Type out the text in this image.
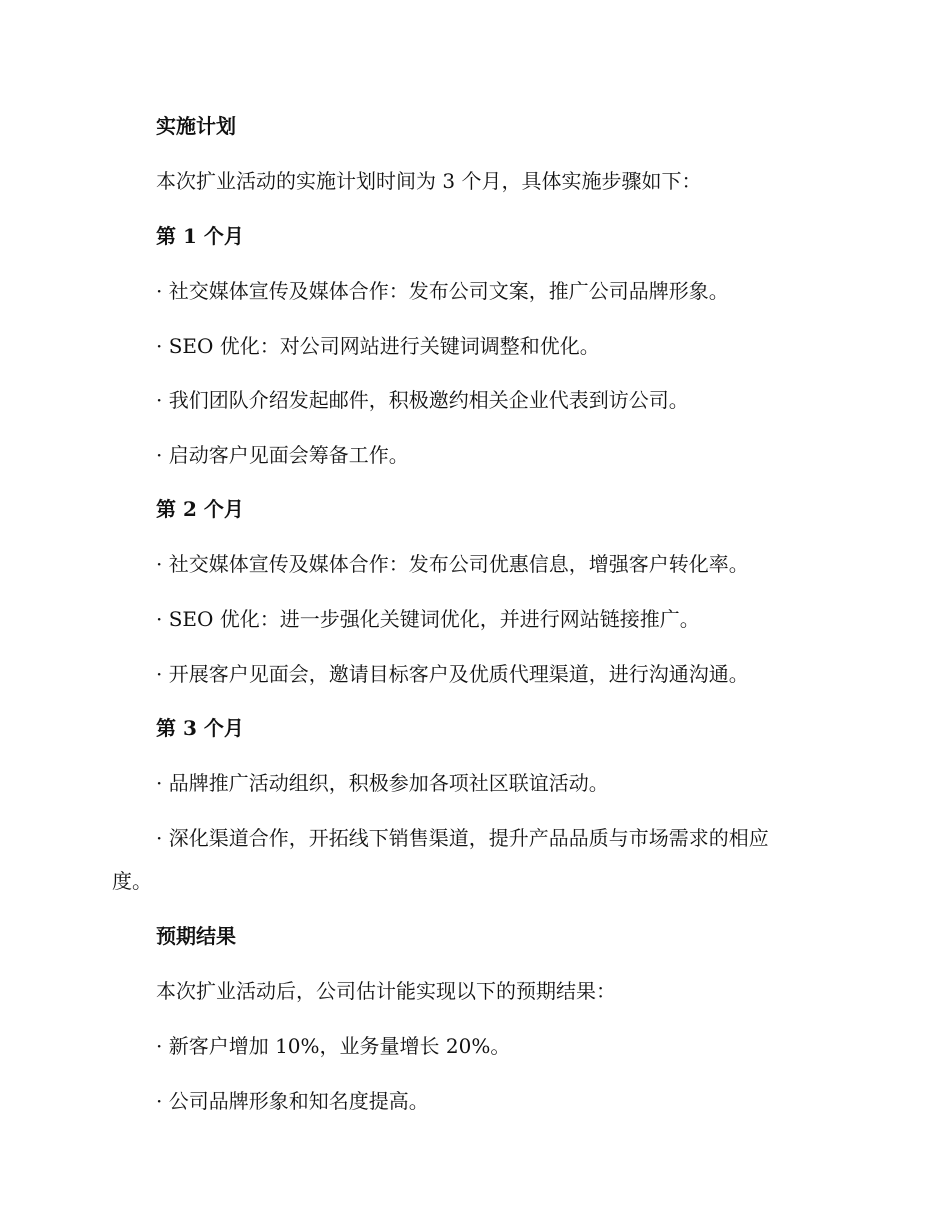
实施计划
本次扩业活动的实施计划时间为 3 个月，具体实施步骤如下：
第 1 个月
· 社交媒体宣传及媒体合作：发布公司文案，推广公司品牌形象。
· SEO 优化：对公司网站进行关键词调整和优化。
· 我们团队介绍发起邮件，积极邀约相关企业代表到访公司。
· 启动客户见面会筹备工作。
第 2 个月
· 社交媒体宣传及媒体合作：发布公司优惠信息，增强客户转化率。
· SEO 优化：进一步强化关键词优化，并进行网站链接推广。
· 开展客户见面会，邀请目标客户及优质代理渠道，进行沟通沟通。
第 3 个月
· 品牌推广活动组织，积极参加各项社区联谊活动。
· 深化渠道合作，开拓线下销售渠道，提升产品品质与市场需求的相应
度。
预期结果
本次扩业活动后，公司估计能实现以下的预期结果：
· 新客户增加 10%，业务量增长 20%。
· 公司品牌形象和知名度提高。
